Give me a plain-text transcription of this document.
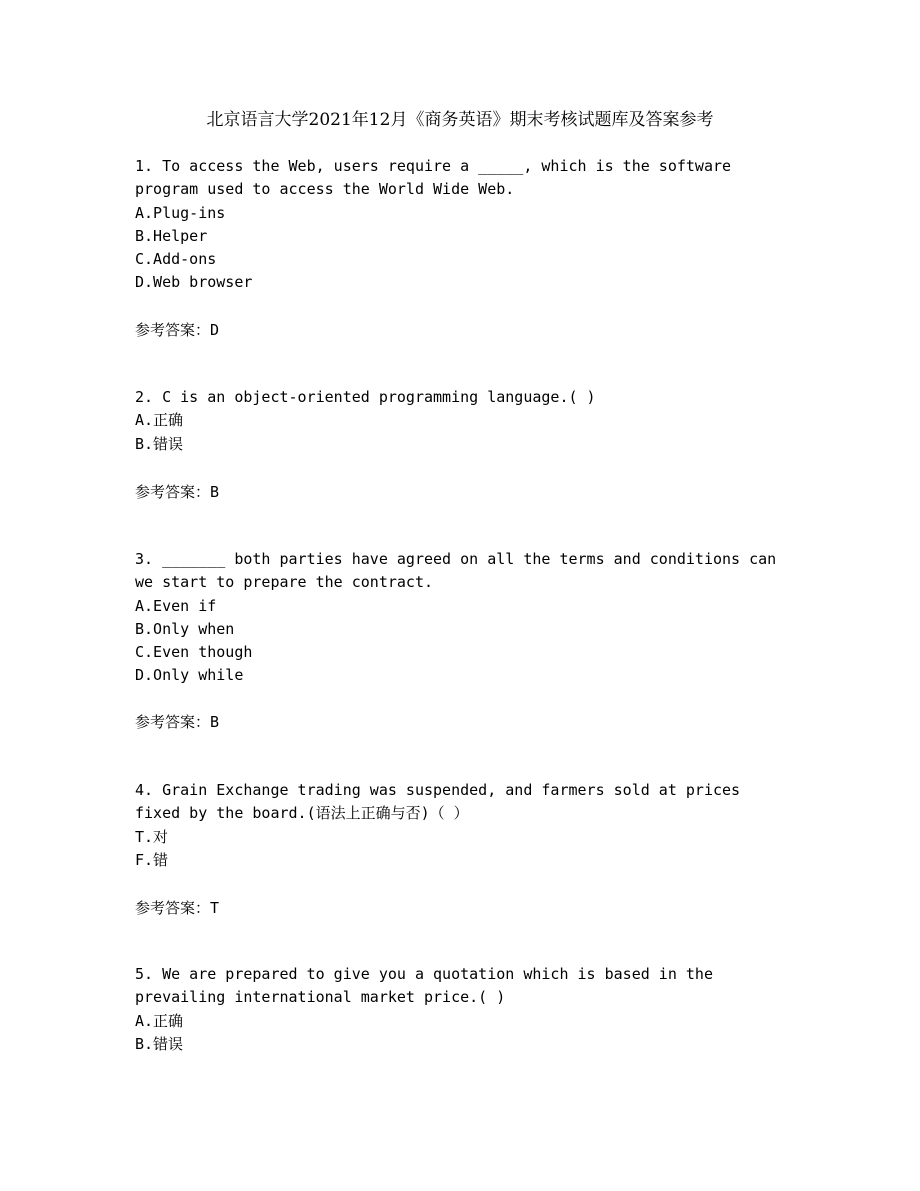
北京语言大学2021年12月《商务英语》期末考核试题库及答案参考
1. To access the Web, users require a _____, which is the software
program used to access the World Wide Web.
A.Plug-ins
B.Helper
C.Add-ons
D.Web browser
参考答案：D
2. C is an object-oriented programming language.( )
A.正确
B.错误
参考答案：B
3. _______ both parties have agreed on all the terms and conditions can
we start to prepare the contract.
A.Even if
B.Only when
C.Even though
D.Only while
参考答案：B
4. Grain Exchange trading was suspended, and farmers sold at prices
fixed by the board.(语法上正确与否)（ ）
T.对
F.错
参考答案：T
5. We are prepared to give you a quotation which is based in the
prevailing international market price.( )
A.正确
B.错误
